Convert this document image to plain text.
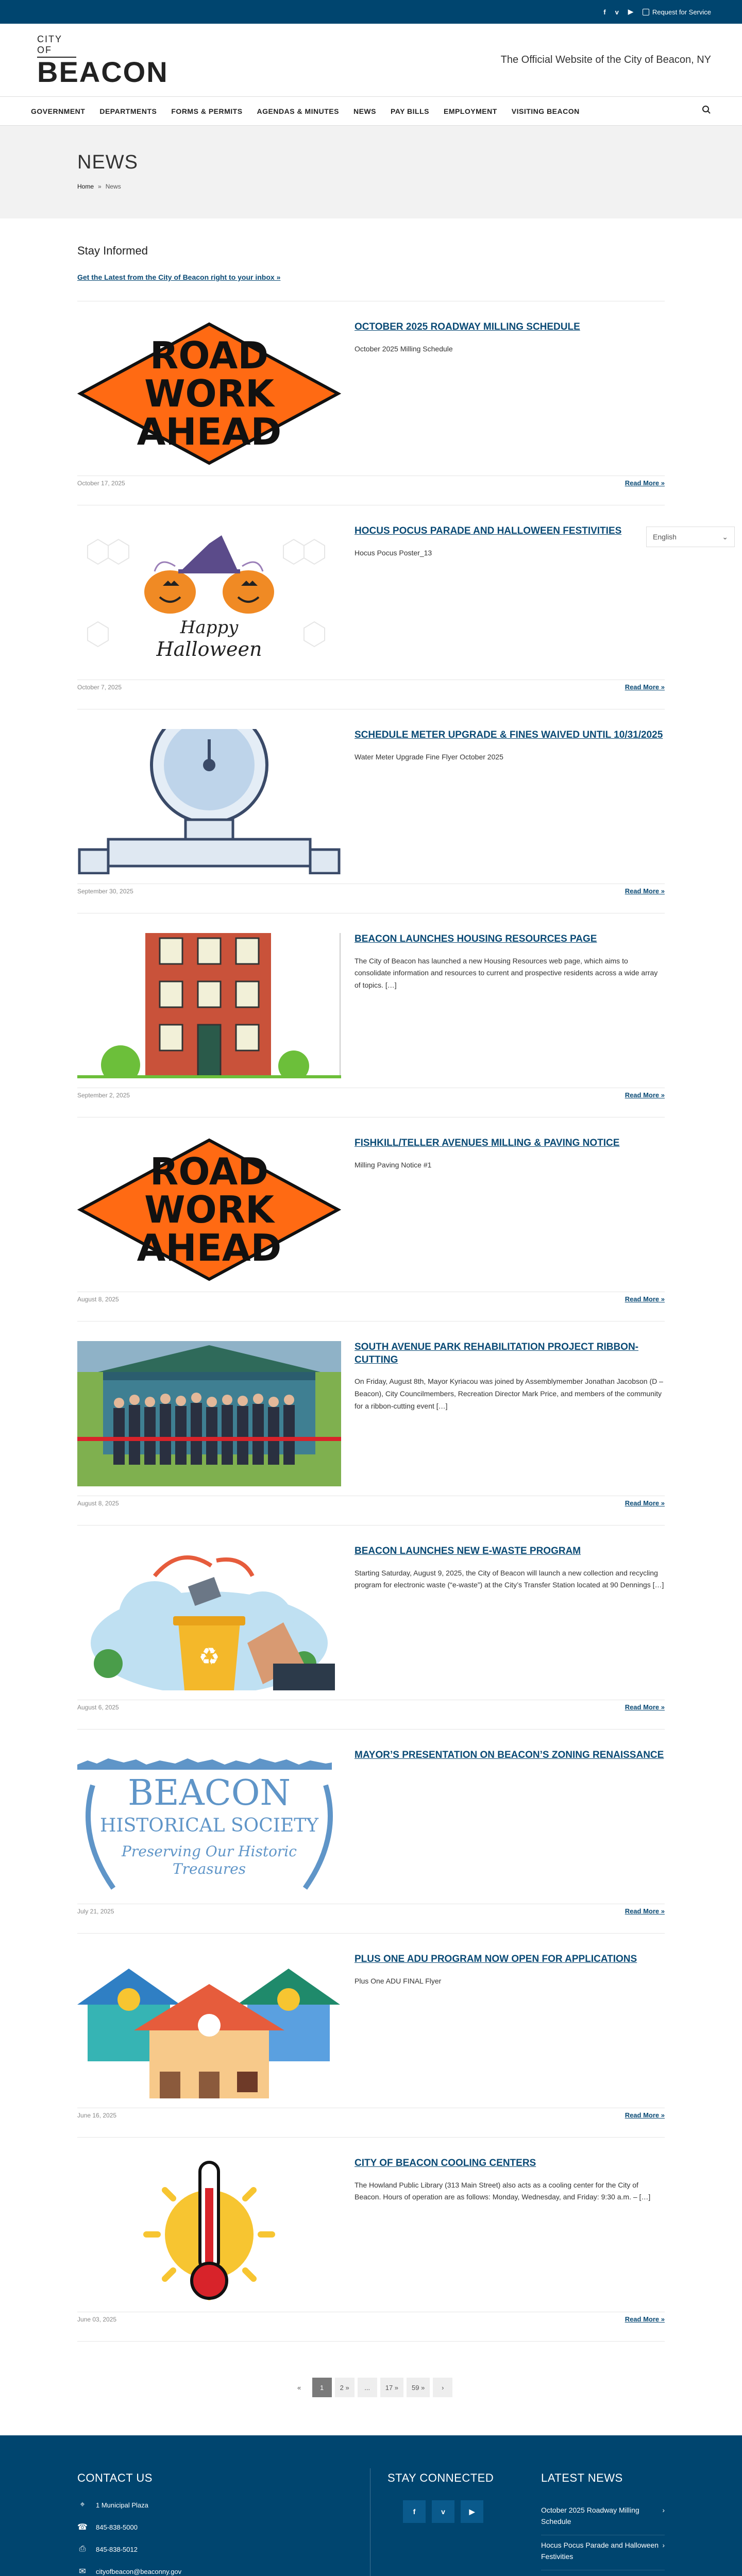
f v ▶	Request for Service
CITY OF
BEACON	The Official Website of the City of Beacon, NY
GOVERNMENT DEPARTMENTS FORMS & PERMITS AGENDAS & MINUTES NEWS PAY BILLS EMPLOYMENT VISITING BEACON
NEWS
Home » News
Stay Informed
Get the Latest from the City of Beacon right to your inbox »
ROAD
WORK
AHEAD
OCTOBER 2025 ROADWAY MILLING SCHEDULE

October 2025 Milling Schedule

October 17, 2025	Read More »
Happy
Halloween
HOCUS POCUS PARADE AND HALLOWEEN FESTIVITIES

Hocus Pocus Poster_13

October 7, 2025	Read More »
SCHEDULE METER UPGRADE & FINES WAIVED UNTIL 10/31/2025

Water Meter Upgrade Fine Flyer October 2025

September 30, 2025	Read More »
BEACON LAUNCHES HOUSING RESOURCES PAGE

The City of Beacon has launched a new Housing Resources web page, which aims to consolidate information and resources to current and prospective residents across a wide array of topics. […]

September 2, 2025	Read More »
ROAD
WORK
AHEAD
FISHKILL/TELLER AVENUES MILLING & PAVING NOTICE

Milling Paving Notice #1

August 8, 2025	Read More »
SOUTH AVENUE PARK REHABILITATION PROJECT RIBBON-CUTTING

On Friday, August 8th, Mayor Kyriacou was joined by Assemblymember Jonathan Jacobson (D – Beacon), City Councilmembers, Recreation Director Mark Price, and members of the community for a ribbon-cutting event […]

August 8, 2025	Read More »
♻
BEACON LAUNCHES NEW E-WASTE PROGRAM

Starting Saturday, August 9, 2025, the City of Beacon will launch a new collection and recycling program for electronic waste (“e-waste”) at the City’s Transfer Station located at 90 Dennings […]

August 6, 2025	Read More »
BEACON
HISTORICAL SOCIETY
Preserving Our Historic
Treasures
MAYOR’S PRESENTATION ON BEACON’S ZONING RENAISSANCE
July 21, 2025	Read More »
PLUS ONE ADU PROGRAM NOW OPEN FOR APPLICATIONS

Plus One ADU FINAL Flyer

June 16, 2025	Read More »
CITY OF BEACON COOLING CENTERS

The Howland Public Library (313 Main Street) also acts as a cooling center for the City of Beacon. Hours of operation are as follows: Monday, Wednesday, and Friday: 9:30 a.m. – […]

June 03, 2025	Read More »
«	1	2 »	...	17 »	59 »	›
English	⌄
CONTACT US
⌖	1 Municipal Plaza
☎ 845-838-5000
⎙ 845-838-5012
✉ cityofbeacon@beaconny.gov
STAY CONNECTED
f	v	▶
LATEST NEWS
October 2025 Roadway Milling Schedule
›
Hocus Pocus Parade and Halloween Festivities
›
